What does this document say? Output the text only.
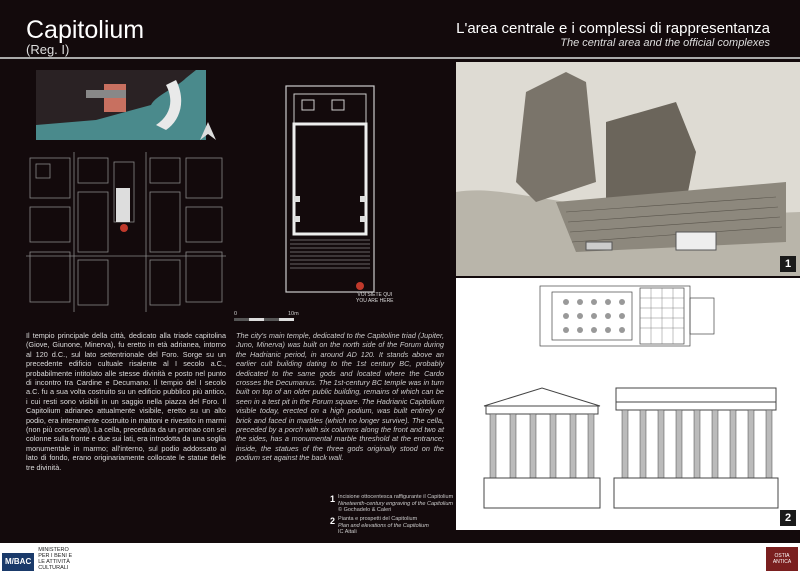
Capitolium
(Reg. I)
L'area centrale e i complessi di rappresentanza
The central area and the official complexes
VOI SIETE QUI
YOU ARE HERE
0	10m
Il tempio principale della città, dedicato alla triade capitolina (Giove, Giunone, Minerva), fu eretto in età adrianea, intorno al 120 d.C., sul lato settentrionale del Foro. Sorge su un precedente edificio cultuale risalente al I secolo a.C., probabilmente intitolato alle stesse divinità e posto nel punto di incontro tra Cardine e Decumano. Il tempio del I secolo a.C. fu a sua volta costruito su un edificio pubblico più antico, i cui resti sono visibili in un saggio nella piazza del Foro. Il Capitolium adrianeo attualmente visibile, eretto su un alto podio, era interamente costruito in mattoni e rivestito in marmi (non più conservati). La cella, preceduta da un pronao con sei colonne sulla fronte e due sui lati, era introdotta da una soglia monumentale in marmo; all'interno, sul podio addossato al lato di fondo, erano originariamente collocate le statue delle tre divinità.
The city's main temple, dedicated to the Capitoline triad (Jupiter, Juno, Minerva) was built on the north side of the Forum during the Hadrianic period, in around AD 120. It stands above an earlier cult building dating to the 1st century BC, probably dedicated to the same gods and located where the Cardo crosses the Decumanus. The 1st-century BC temple was in turn built on top of an older public building, remains of which can be seen in a test pit in the Forum square. The Hadrianic Capitolium visible today, erected on a high podium, was built entirely of brick and faced in marbles (which no longer survive). The cella, preceded by a porch with six columns along the front and two at the sides, has a monumental marble threshold at the entrance; inside, the statues of the three gods originally stood on the podium set against the back wall.
1 Incisione ottocentesca raffigurante il Capitolium
Nineteenth-century engraving of the Capitolium
© Gochadelo & Caleri
2 Pianta e prospetti del Capitolium
Plan and elevations of the Capitolium
IC Aitali
1
2
M/BAC
MINISTERO
PER I BENI E
LE ATTIVITÀ
CULTURALI
OSTIA
ANTICA
